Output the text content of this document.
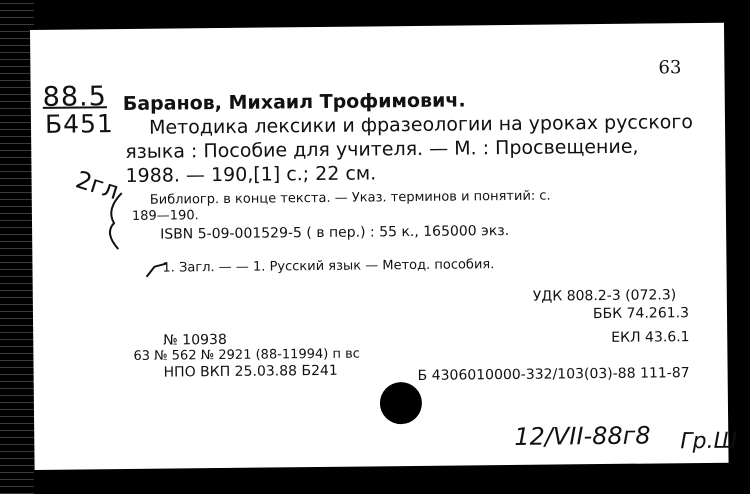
63
88.5
Б451
Баранов, Михаил Трофимович.
Методика лексики и фразеологии на уроках русского
языка : Пособие для учителя. — М. : Просвещение,
1988. — 190,[1] с.; 22 см.
2гл Библиогр. в конце текста. — Указ. терминов и понятий: с.
189—190.
ISBN 5-09-001529-5 ( в пер.) : 55 к., 165000 экз.
1. Загл. — — 1. Русский язык — Метод. пособия.
УДК 808.2-3 (072.3)
ББК 74.261.3
№ 10938
63 № 562 № 2921 (88-11994) п вс
НПО ВКП 25.03.88 Б241
ЕКЛ 43.6.1
Б 4306010000-332/103(03)-88 111-87
12/VII-88г8 Гр.Ш
